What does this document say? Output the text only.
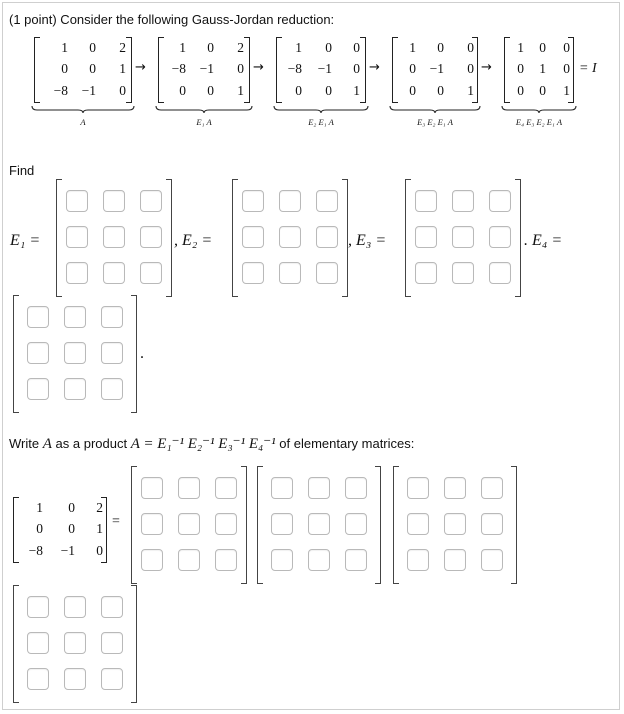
(1 point) Consider the following Gauss-Jordan reduction:
1	0	2
0	0	1
−8	−1	0
A
→
1	0	2
−8	−1	0
0	0	1
E₁ A
→
1	0	0
−8	−1	0
0	0	1
E₂ E₁ A
→
1	0	0
0	−1	0
0	0	1
E₃ E₂ E₁ A
→
1	0	0
0	1	0
0	0	1
E₄ E₃ E₂ E₁ A
= I
Find
E₁ =	, E₂ =	, E₃ =	. E₄ =
.
Write A as a product A = E₁⁻¹ E₂⁻¹ E₃⁻¹ E₄⁻¹ of elementary matrices:
=
1	0	2
0	0	1
−8	−1	0
